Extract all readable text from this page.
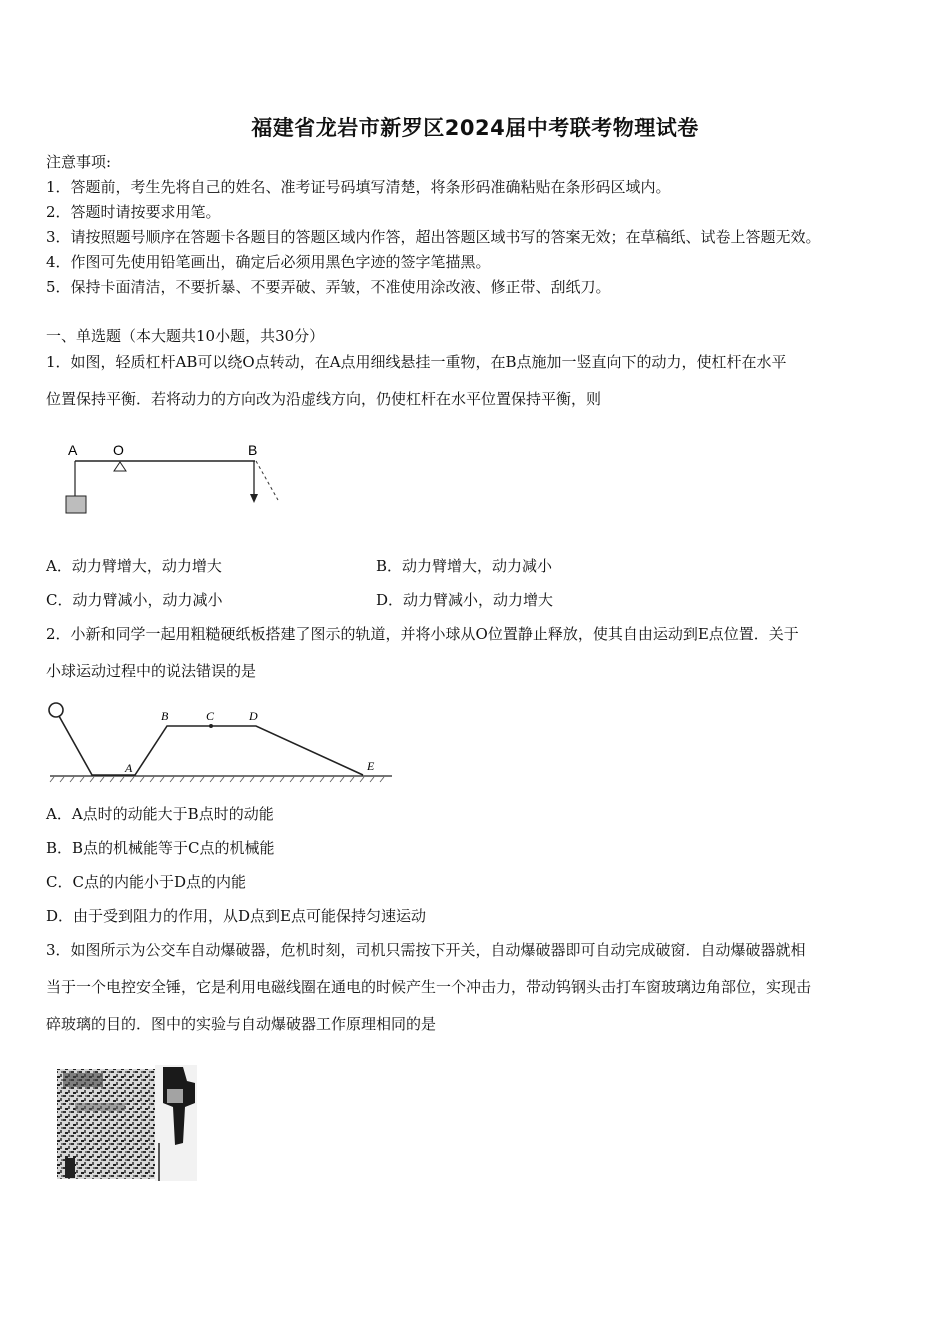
福建省龙岩市新罗区2024届中考联考物理试卷
注意事项:
1．答题前，考生先将自己的姓名、准考证号码填写清楚，将条形码准确粘贴在条形码区域内。
2．答题时请按要求用笔。
3．请按照题号顺序在答题卡各题目的答题区域内作答，超出答题区域书写的答案无效；在草稿纸、试卷上答题无效。
4．作图可先使用铅笔画出，确定后必须用黑色字迹的签字笔描黑。
5．保持卡面清洁，不要折暴、不要弄破、弄皱，不准使用涂改液、修正带、刮纸刀。
一、单选题（本大题共10小题，共30分）
1．如图，轻质杠杆AB可以绕O点转动，在A点用细线悬挂一重物，在B点施加一竖直向下的动力，使杠杆在水平
位置保持平衡．若将动力的方向改为沿虚线方向，仍使杠杆在水平位置保持平衡，则
A	O	B
A．动力臂增大，动力增大	B．动力臂增大，动力减小
C．动力臂减小，动力减小	D．动力臂减小，动力增大
2．小新和同学一起用粗糙硬纸板搭建了图示的轨道，并将小球从O位置静止释放，使其自由运动到E点位置．关于
小球运动过程中的说法错误的是
A
B	C	D
E
A．A点时的动能大于B点时的动能
B．B点的机械能等于C点的机械能
C．C点的内能小于D点的内能
D．由于受到阻力的作用，从D点到E点可能保持匀速运动
3．如图所示为公交车自动爆破器，危机时刻，司机只需按下开关，自动爆破器即可自动完成破窗．自动爆破器就相
当于一个电控安全锤，它是利用电磁线圈在通电的时候产生一个冲击力，带动钨钢头击打车窗玻璃边角部位，实现击
碎玻璃的目的．图中的实验与自动爆破器工作原理相同的是
